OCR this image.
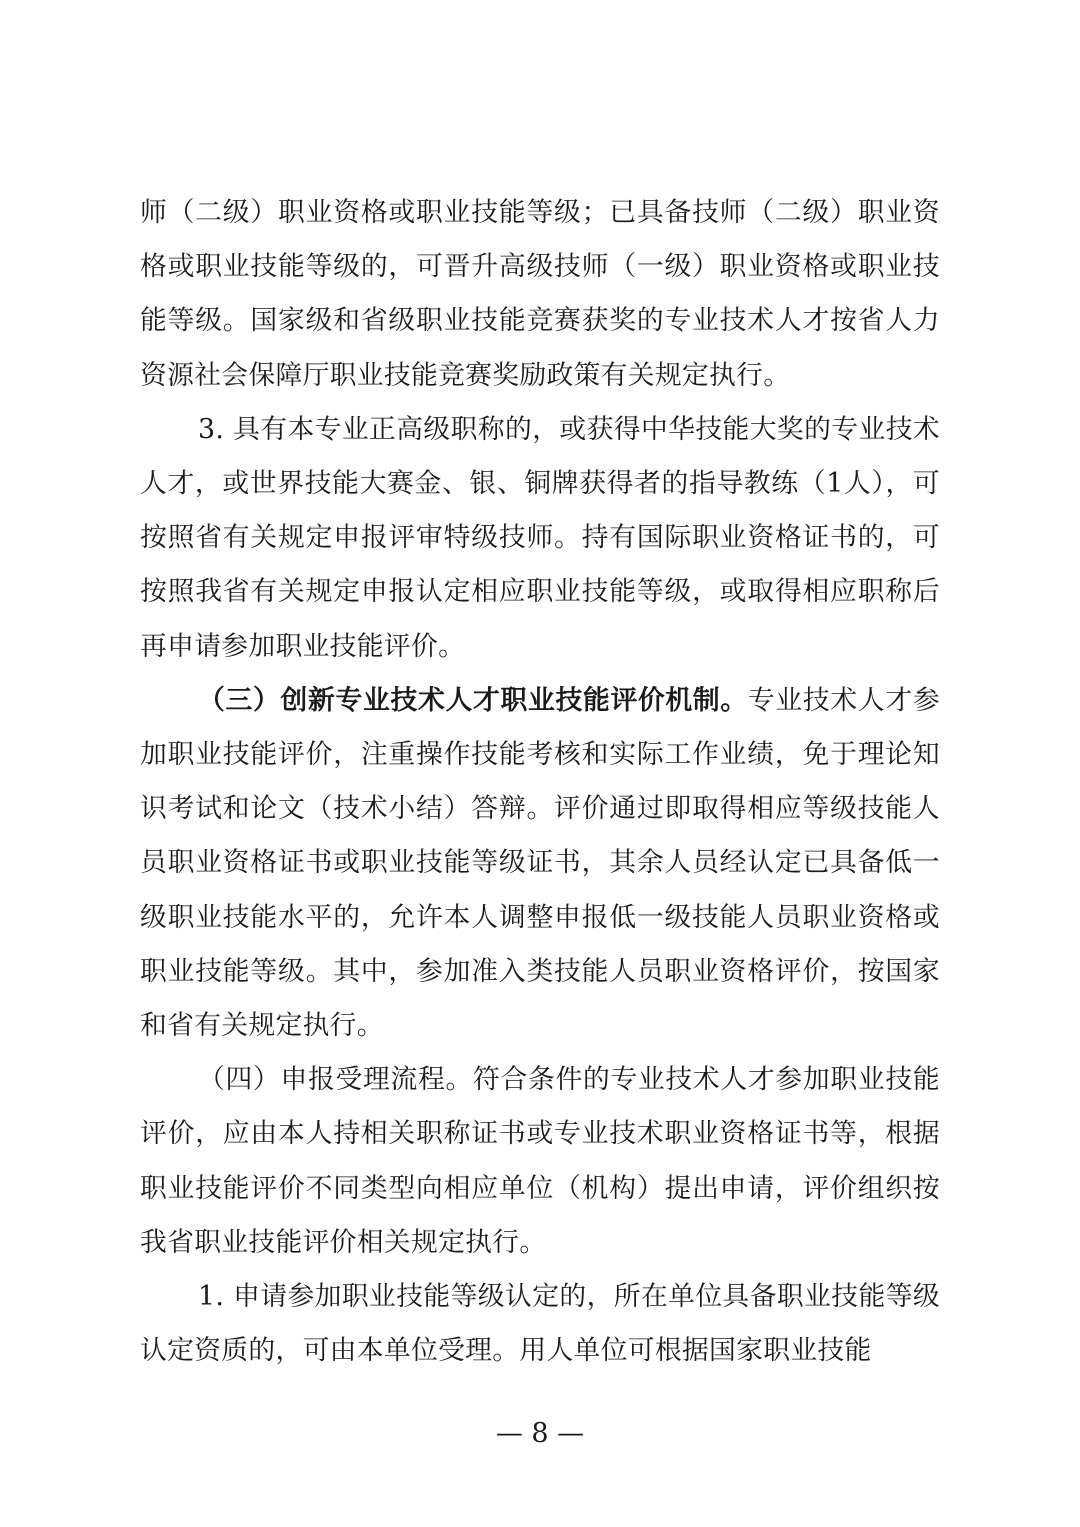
师（二级）职业资格或职业技能等级；已具备技师（二级）职业资格或职业技能等级的，可晋升高级技师（一级）职业资格或职业技能等级。国家级和省级职业技能竞赛获奖的专业技术人才按省人力资源社会保障厅职业技能竞赛奖励政策有关规定执行。

3. 具有本专业正高级职称的，或获得中华技能大奖的专业技术人才，或世界技能大赛金、银、铜牌获得者的指导教练（1人），可按照省有关规定申报评审特级技师。持有国际职业资格证书的，可按照我省有关规定申报认定相应职业技能等级，或取得相应职称后再申请参加职业技能评价。

（三）创新专业技术人才职业技能评价机制。专业技术人才参加职业技能评价，注重操作技能考核和实际工作业绩，免于理论知识考试和论文（技术小结）答辩。评价通过即取得相应等级技能人员职业资格证书或职业技能等级证书，其余人员经认定已具备低一级职业技能水平的，允许本人调整申报低一级技能人员职业资格或职业技能等级。其中，参加准入类技能人员职业资格评价，按国家和省有关规定执行。

（四）申报受理流程。符合条件的专业技术人才参加职业技能评价，应由本人持相关职称证书或专业技术职业资格证书等，根据职业技能评价不同类型向相应单位（机构）提出申请，评价组织按我省职业技能评价相关规定执行。

1. 申请参加职业技能等级认定的，所在单位具备职业技能等级认定资质的，可由本单位受理。用人单位可根据国家职业技能

— 8 —
